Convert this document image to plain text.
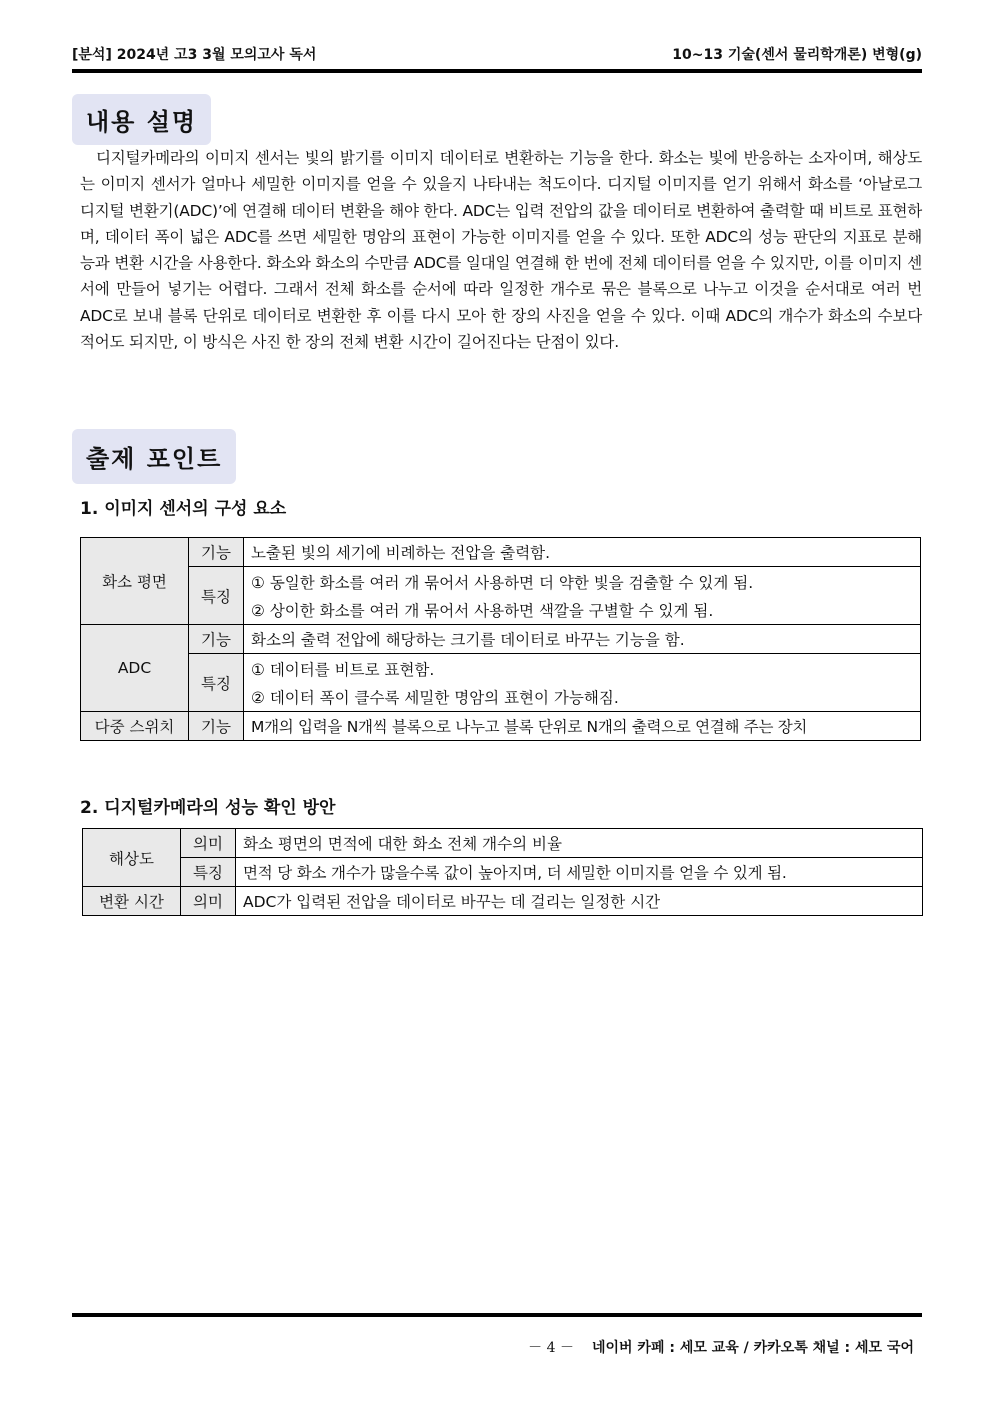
[분석] 2024년 고3 3월 모의고사 독서	10~13 기술(센서 물리학개론) 변형(g)
내용 설명
디지털카메라의 이미지 센서는 빛의 밝기를 이미지 데이터로 변환하는 기능을 한다. 화소는 빛에 반응하는 소자이며, 해상도는 이미지 센서가 얼마나 세밀한 이미지를 얻을 수 있을지 나타내는 척도이다. 디지털 이미지를 얻기 위해서 화소를 ‘아날로그 디지털 변환기(ADC)’에 연결해 데이터 변환을 해야 한다. ADC는 입력 전압의 값을 데이터로 변환하여 출력할 때 비트로 표현하며, 데이터 폭이 넓은 ADC를 쓰면 세밀한 명암의 표현이 가능한 이미지를 얻을 수 있다. 또한 ADC의 성능 판단의 지표로 분해능과 변환 시간을 사용한다. 화소와 화소의 수만큼 ADC를 일대일 연결해 한 번에 전체 데이터를 얻을 수 있지만, 이를 이미지 센서에 만들어 넣기는 어렵다. 그래서 전체 화소를 순서에 따라 일정한 개수로 묶은 블록으로 나누고 이것을 순서대로 여러 번 ADC로 보내 블록 단위로 데이터로 변환한 후 이를 다시 모아 한 장의 사진을 얻을 수 있다. 이때 ADC의 개수가 화소의 수보다 적어도 되지만, 이 방식은 사진 한 장의 전체 변환 시간이 길어진다는 단점이 있다.
출제 포인트
1. 이미지 센서의 구성 요소
화소 평면	기능	노출된 빛의 세기에 비례하는 전압을 출력함.
	특징	① 동일한 화소를 여러 개 묶어서 사용하면 더 약한 빛을 검출할 수 있게 됨.
		② 상이한 화소를 여러 개 묶어서 사용하면 색깔을 구별할 수 있게 됨.
ADC	기능	화소의 출력 전압에 해당하는 크기를 데이터로 바꾸는 기능을 함.
	특징	① 데이터를 비트로 표현함.
		② 데이터 폭이 클수록 세밀한 명암의 표현이 가능해짐.
다중 스위치	기능	M개의 입력을 N개씩 블록으로 나누고 블록 단위로 N개의 출력으로 연결해 주는 장치
2. 디지털카메라의 성능 확인 방안
해상도	의미	화소 평면의 면적에 대한 화소 전체 개수의 비율
	특징	면적 당 화소 개수가 많을수록 값이 높아지며, 더 세밀한 이미지를 얻을 수 있게 됨.
변환 시간	의미	ADC가 입력된 전압을 데이터로 바꾸는 데 걸리는 일정한 시간
－ 4 － 네이버 카페 : 세모 교육 / 카카오톡 채널 : 세모 국어
